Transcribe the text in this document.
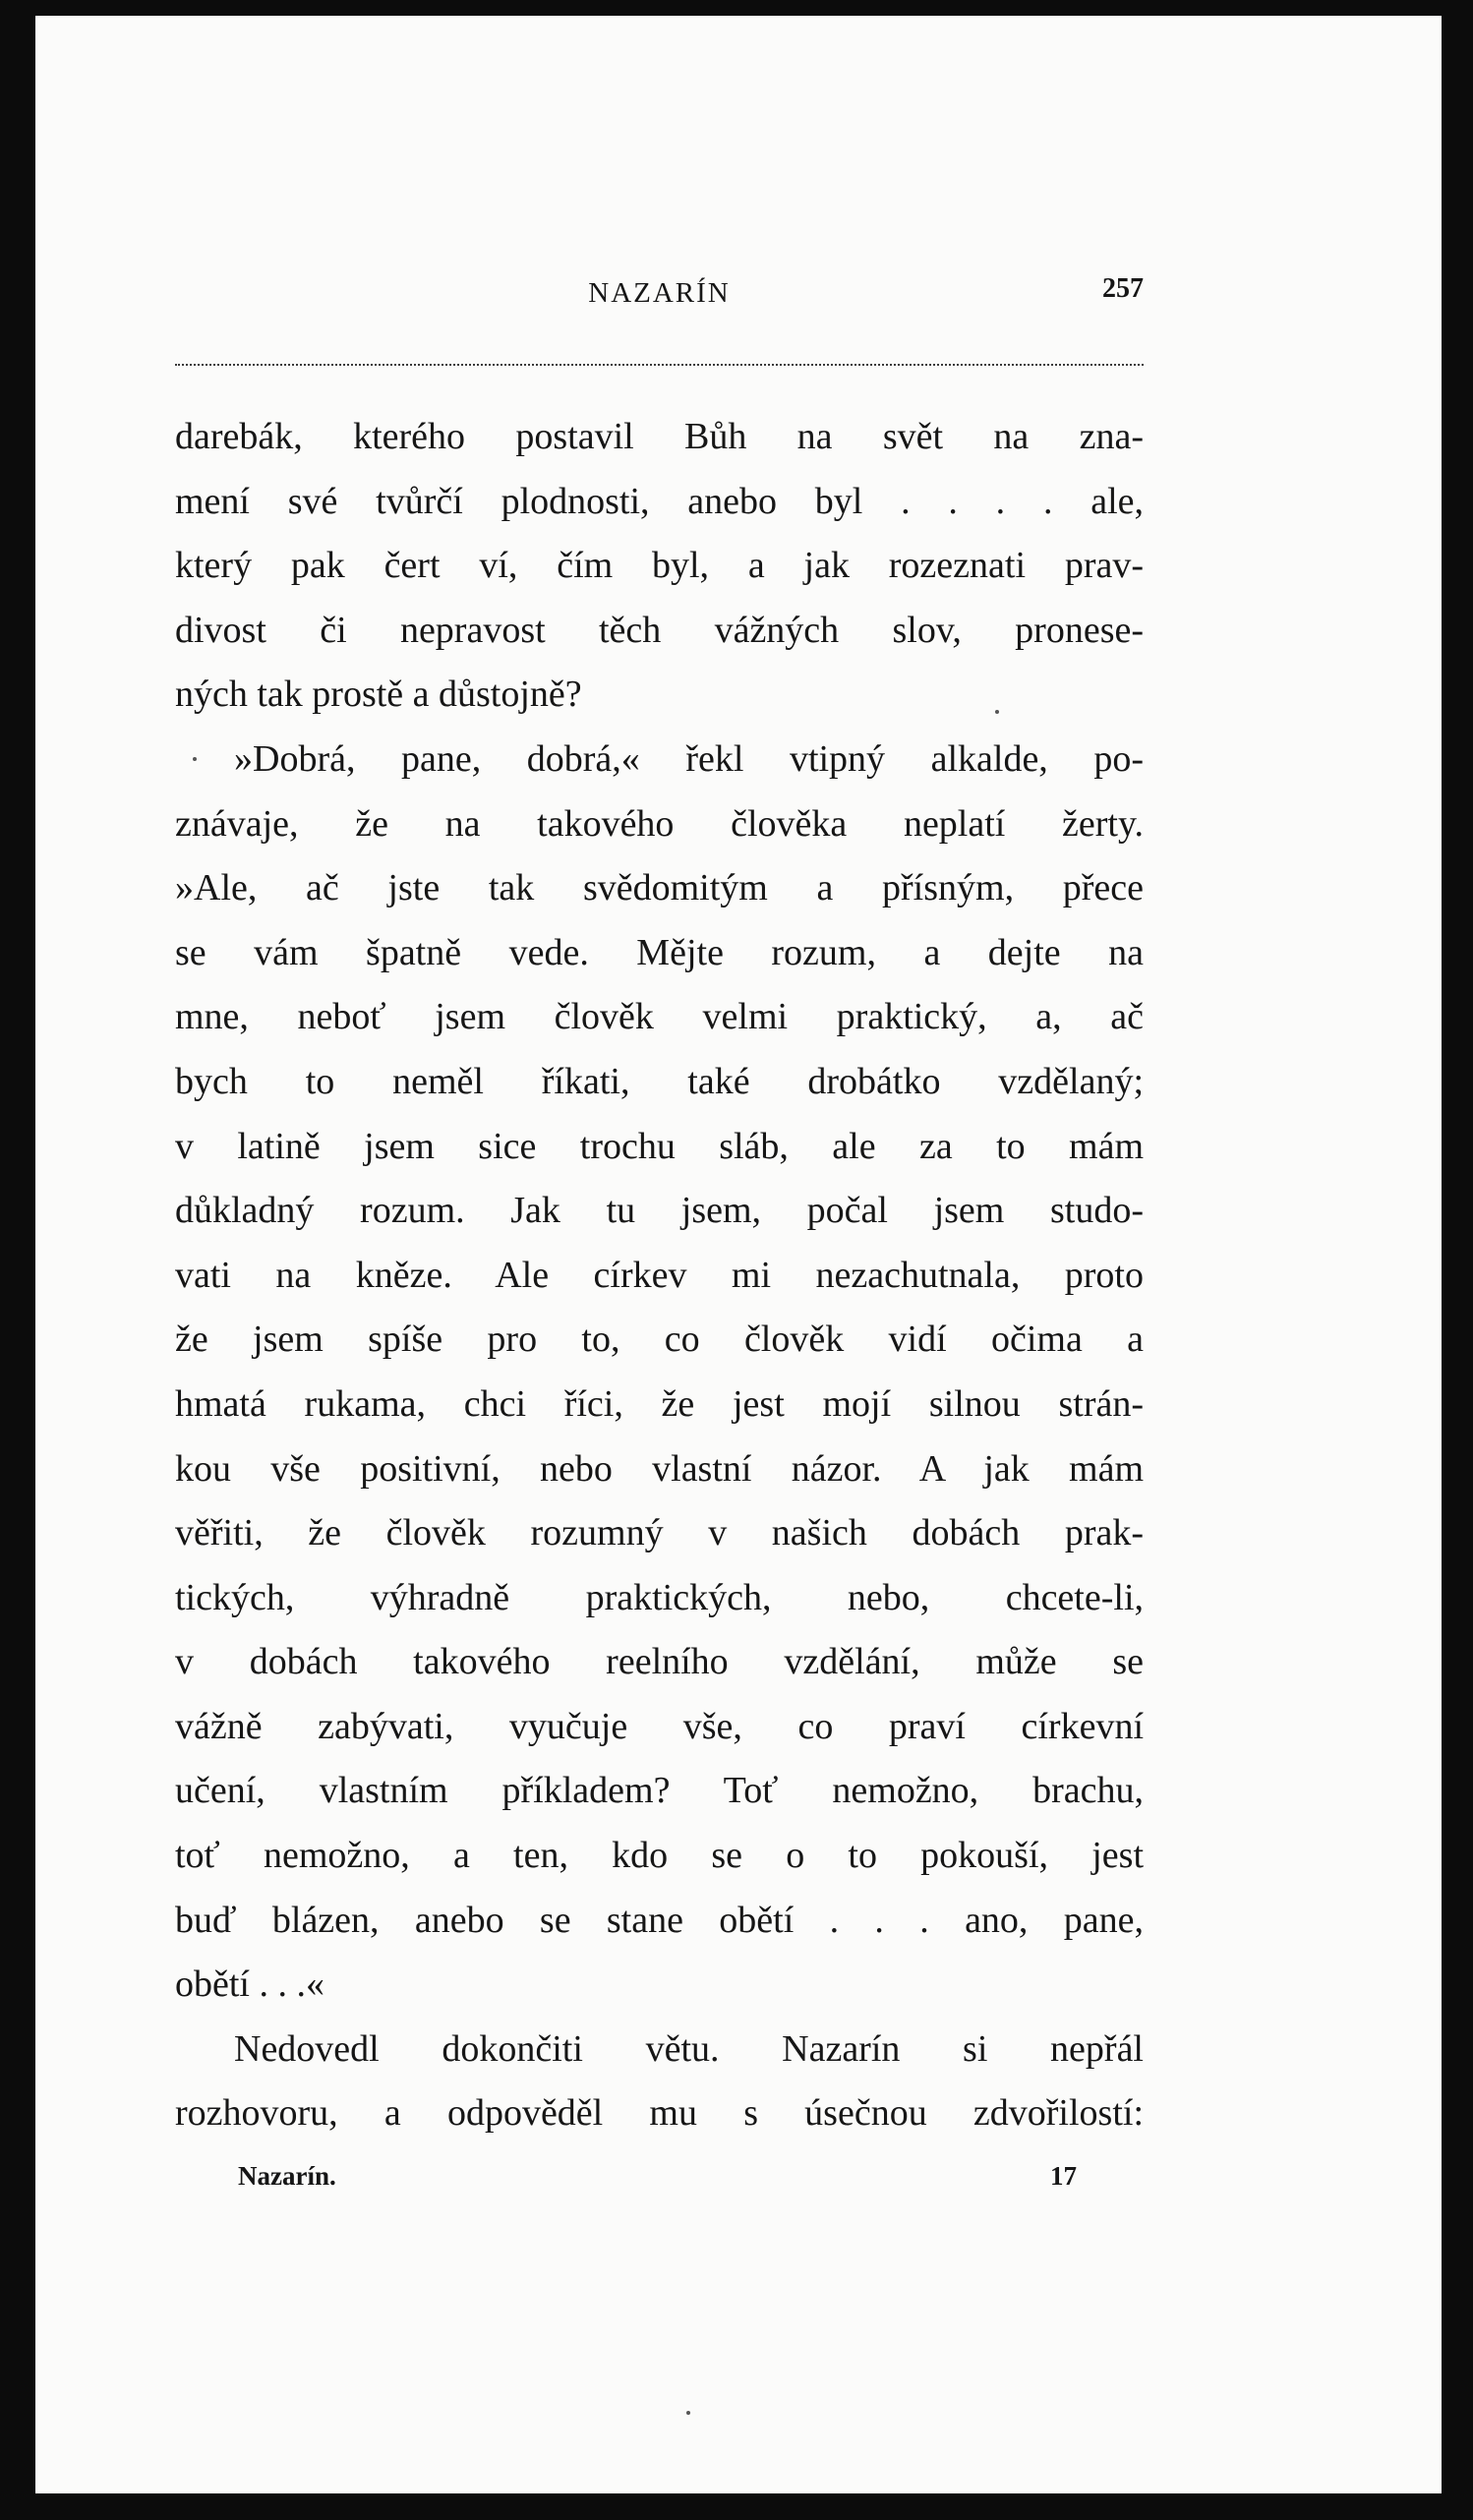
NAZARÍN	257
darebák, kterého postavil Bůh na svět na zna-
mení své tvůrčí plodnosti, anebo byl . . . . ale,
který pak čert ví, čím byl, a jak rozeznati prav-
divost či nepravost těch vážných slov, pronese-
ných tak prostě a důstojně?
»Dobrá, pane, dobrá,« řekl vtipný alkalde, po-
znávaje, že na takového člověka neplatí žerty.
»Ale, ač jste tak svědomitým a přísným, přece
se vám špatně vede. Mějte rozum, a dejte na
mne, neboť jsem člověk velmi praktický, a, ač
bych to neměl říkati, také drobátko vzdělaný;
v latině jsem sice trochu sláb, ale za to mám
důkladný rozum. Jak tu jsem, počal jsem studo-
vati na kněze. Ale církev mi nezachutnala, proto
že jsem spíše pro to, co člověk vidí očima a
hmatá rukama, chci říci, že jest mojí silnou strán-
kou vše positivní, nebo vlastní názor. A jak mám
věřiti, že člověk rozumný v našich dobách prak-
tických, výhradně praktických, nebo, chcete-li,
v dobách takového reelního vzdělání, může se
vážně zabývati, vyučuje vše, co praví církevní
učení, vlastním příkladem? Toť nemožno, brachu,
toť nemožno, a ten, kdo se o to pokouší, jest
buď blázen, anebo se stane obětí . . . ano, pane,
obětí . . .«
Nedovedl dokončiti větu. Nazarín si nepřál
rozhovoru, a odpověděl mu s úsečnou zdvořilostí:
Nazarín.	17
